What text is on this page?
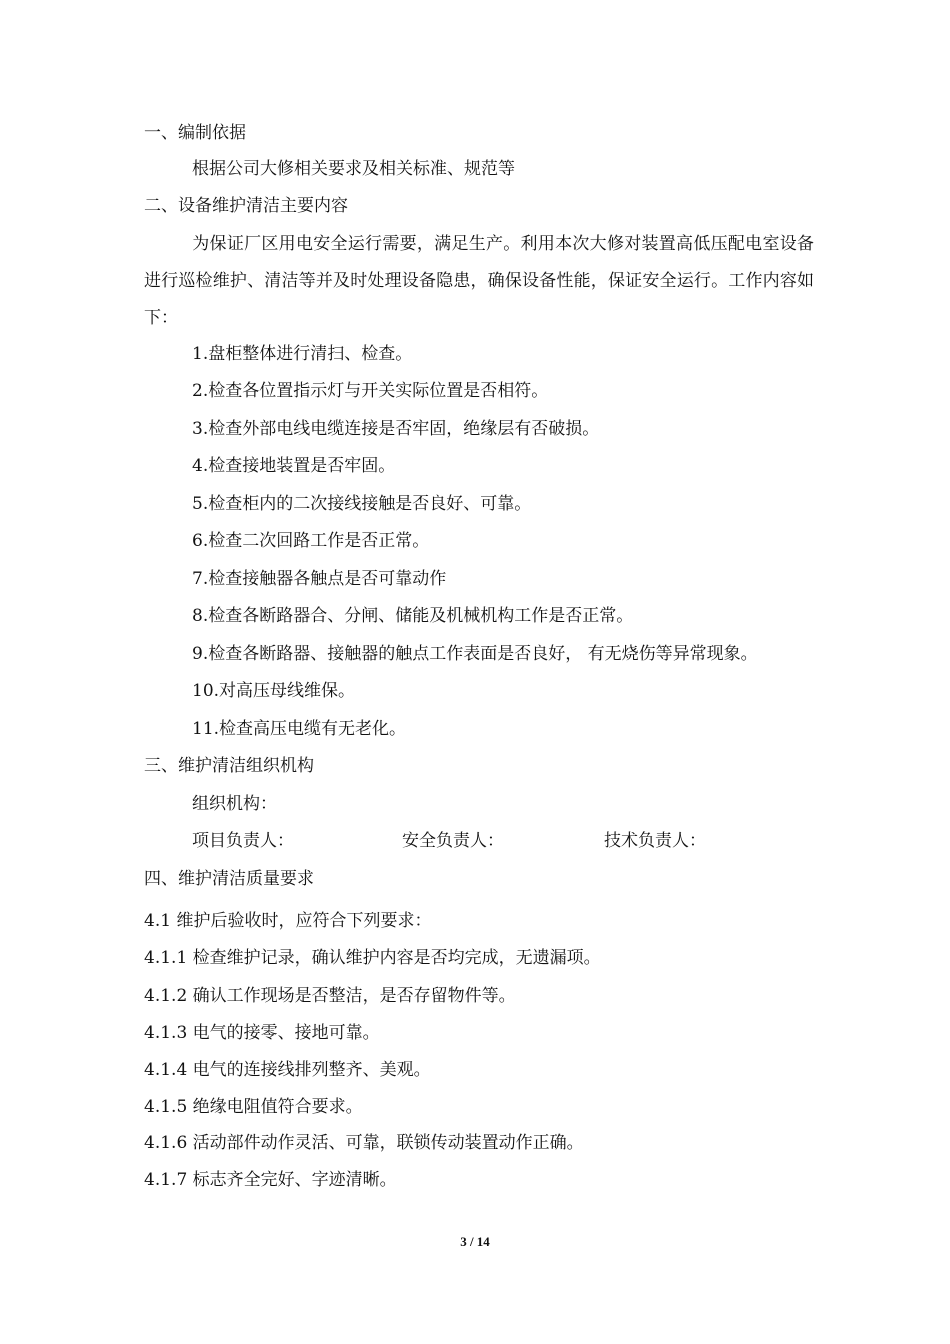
一、编制依据
根据公司大修相关要求及相关标准、规范等
二、设备维护清洁主要内容
为保证厂区用电安全运行需要，满足生产。利用本次大修对装置高低压配电室设备进行巡检维护、清洁等并及时处理设备隐患，确保设备性能，保证安全运行。工作内容如下：
1.盘柜整体进行清扫、检查。
2.检查各位置指示灯与开关实际位置是否相符。
3.检查外部电线电缆连接是否牢固，绝缘层有否破损。
4.检查接地装置是否牢固。
5.检查柜内的二次接线接触是否良好、可靠。
6.检查二次回路工作是否正常。
7.检查接触器各触点是否可靠动作
8.检查各断路器合、分闸、储能及机械机构工作是否正常。
9.检查各断路器、接触器的触点工作表面是否良好， 有无烧伤等异常现象。
10.对高压母线维保。
11.检查高压电缆有无老化。
三、维护清洁组织机构
组织机构：
项目负责人：	安全负责人：	技术负责人：
四、维护清洁质量要求
4.1 维护后验收时，应符合下列要求：
4.1.1 检查维护记录，确认维护内容是否均完成，无遗漏项。
4.1.2 确认工作现场是否整洁，是否存留物件等。
4.1.3 电气的接零、接地可靠。
4.1.4 电气的连接线排列整齐、美观。
4.1.5 绝缘电阻值符合要求。
4.1.6 活动部件动作灵活、可靠，联锁传动装置动作正确。
4.1.7 标志齐全完好、字迹清晰。
3 / 14
